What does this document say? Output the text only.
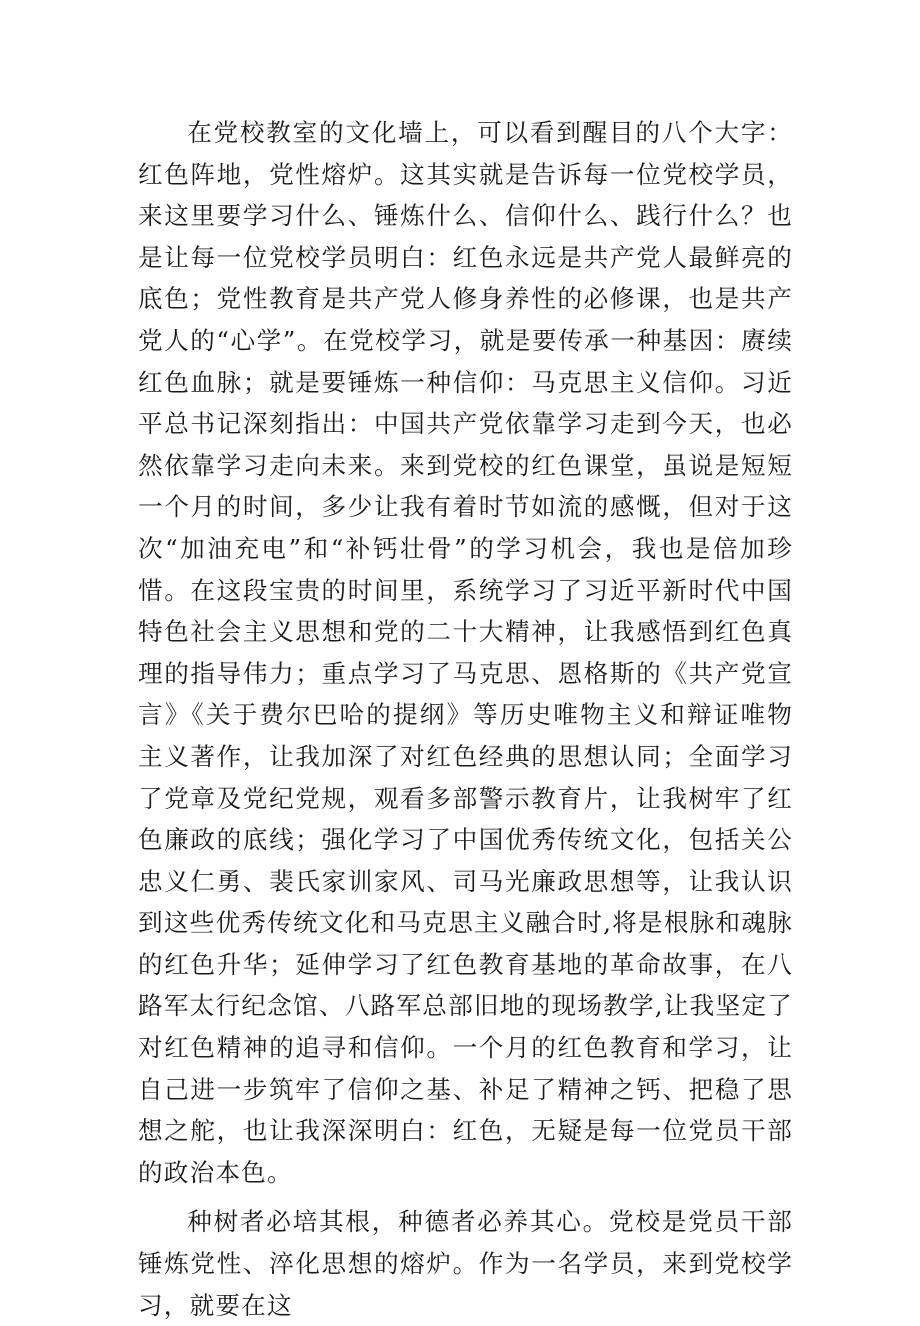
在党校教室的文化墙上，可以看到醒目的八个大字：红色阵地，党性熔炉。这其实就是告诉每一位党校学员，来这里要学习什么、锤炼什么、信仰什么、践行什么？也是让每一位党校学员明白：红色永远是共产党人最鲜亮的底色；党性教育是共产党人修身养性的必修课，也是共产党人的“心学”。在党校学习，就是要传承一种基因：赓续红色血脉；就是要锤炼一种信仰：马克思主义信仰。习近平总书记深刻指出：中国共产党依靠学习走到今天，也必然依靠学习走向未来。来到党校的红色课堂，虽说是短短一个月的时间，多少让我有着时节如流的感慨，但对于这次“加油充电”和“补钙壮骨”的学习机会，我也是倍加珍惜。在这段宝贵的时间里，系统学习了习近平新时代中国特色社会主义思想和党的二十大精神，让我感悟到红色真理的指导伟力；重点学习了马克思、恩格斯的《共产党宣言》《关于费尔巴哈的提纲》等历史唯物主义和辩证唯物主义著作，让我加深了对红色经典的思想认同；全面学习了党章及党纪党规，观看多部警示教育片，让我树牢了红色廉政的底线；强化学习了中国优秀传统文化，包括关公忠义仁勇、裴氏家训家风、司马光廉政思想等，让我认识到这些优秀传统文化和马克思主义融合时,将是根脉和魂脉的红色升华；延伸学习了红色教育基地的革命故事，在八路军太行纪念馆、八路军总部旧地的现场教学,让我坚定了对红色精神的追寻和信仰。一个月的红色教育和学习，让自己进一步筑牢了信仰之基、补足了精神之钙、把稳了思想之舵，也让我深深明白：红色，无疑是每一位党员干部的政治本色。

种树者必培其根，种德者必养其心。党校是党员干部锤炼党性、淬化思想的熔炉。作为一名学员，来到党校学习，就要在这
